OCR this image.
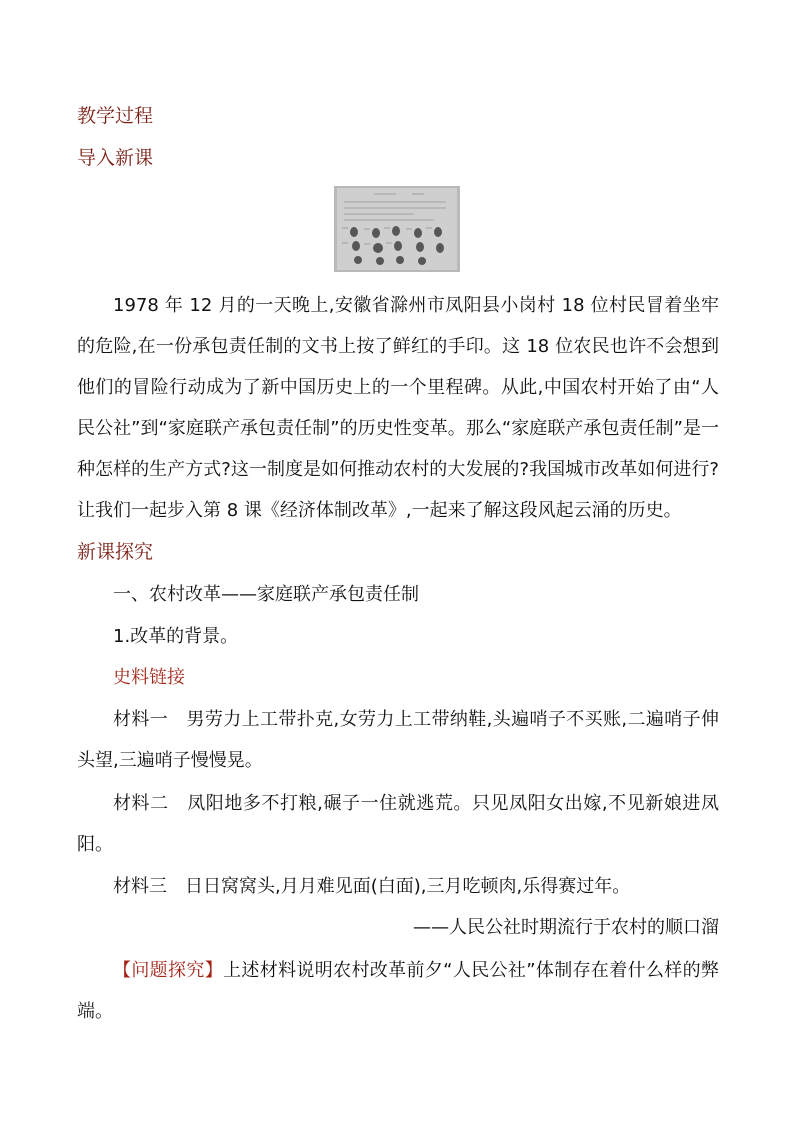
教学过程
导入新课
1978 年 12 月的一天晚上,安徽省滁州市凤阳县小岗村 18 位村民冒着坐牢的危险,在一份承包责任制的文书上按了鲜红的手印。这 18 位农民也许不会想到他们的冒险行动成为了新中国历史上的一个里程碑。从此,中国农村开始了由“人民公社”到“家庭联产承包责任制”的历史性变革。那么“家庭联产承包责任制”是一种怎样的生产方式?这一制度是如何推动农村的大发展的?我国城市改革如何进行?让我们一起步入第 8 课《经济体制改革》,一起来了解这段风起云涌的历史。
新课探究
一、农村改革——家庭联产承包责任制
1.改革的背景。
史料链接
材料一 男劳力上工带扑克,女劳力上工带纳鞋,头遍哨子不买账,二遍哨子伸头望,三遍哨子慢慢晃。
材料二 凤阳地多不打粮,碾子一住就逃荒。只见凤阳女出嫁,不见新娘进凤阳。
材料三 日日窝窝头,月月难见面(白面),三月吃顿肉,乐得赛过年。
——人民公社时期流行于农村的顺口溜
【问题探究】上述材料说明农村改革前夕“人民公社”体制存在着什么样的弊端。
